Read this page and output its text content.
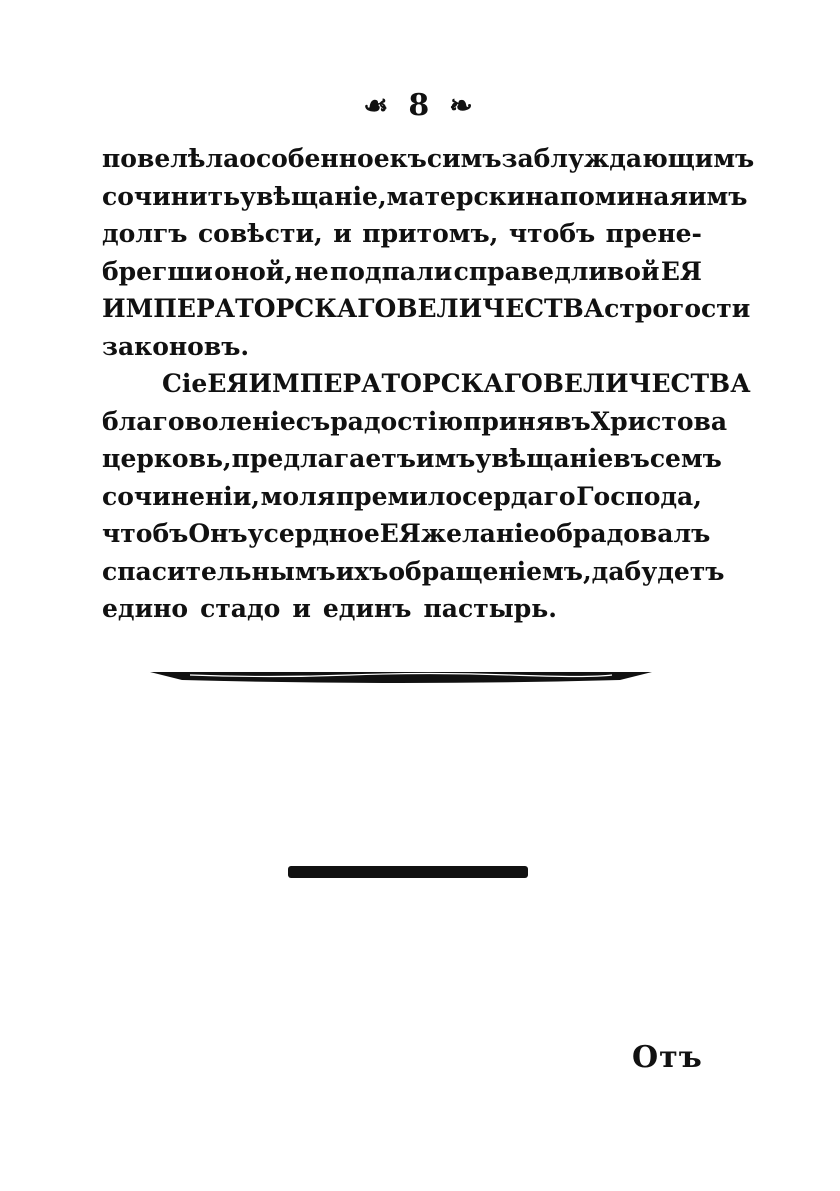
☙ 8 ❧
повелѣла особенное къ симъ заблуждающимъ
сочинить увѣщаніе, матерски напоминая имъ
долгъ совѣсти, и притомъ, чтобъ прене-
брегши оной, не подпали справедливой ЕЯ
ИМПЕРАТОРСКАГО ВЕЛИЧЕСТВА строгости
законовъ.
Сіе ЕЯ ИМПЕРАТОРСКАГО ВЕЛИЧЕСТВА
благоволеніе съ радостію принявъ Христова
церковь, предлагаетъ имъ увѣщаніе въ семъ
сочиненіи, моля премилосердаго Господа,
чтобъ Онъ усердное ЕЯ желаніе обрадовалъ
спасительнымъ ихъ обращеніемъ, да будетъ
едино стадо и единъ пастырь.
Отъ
